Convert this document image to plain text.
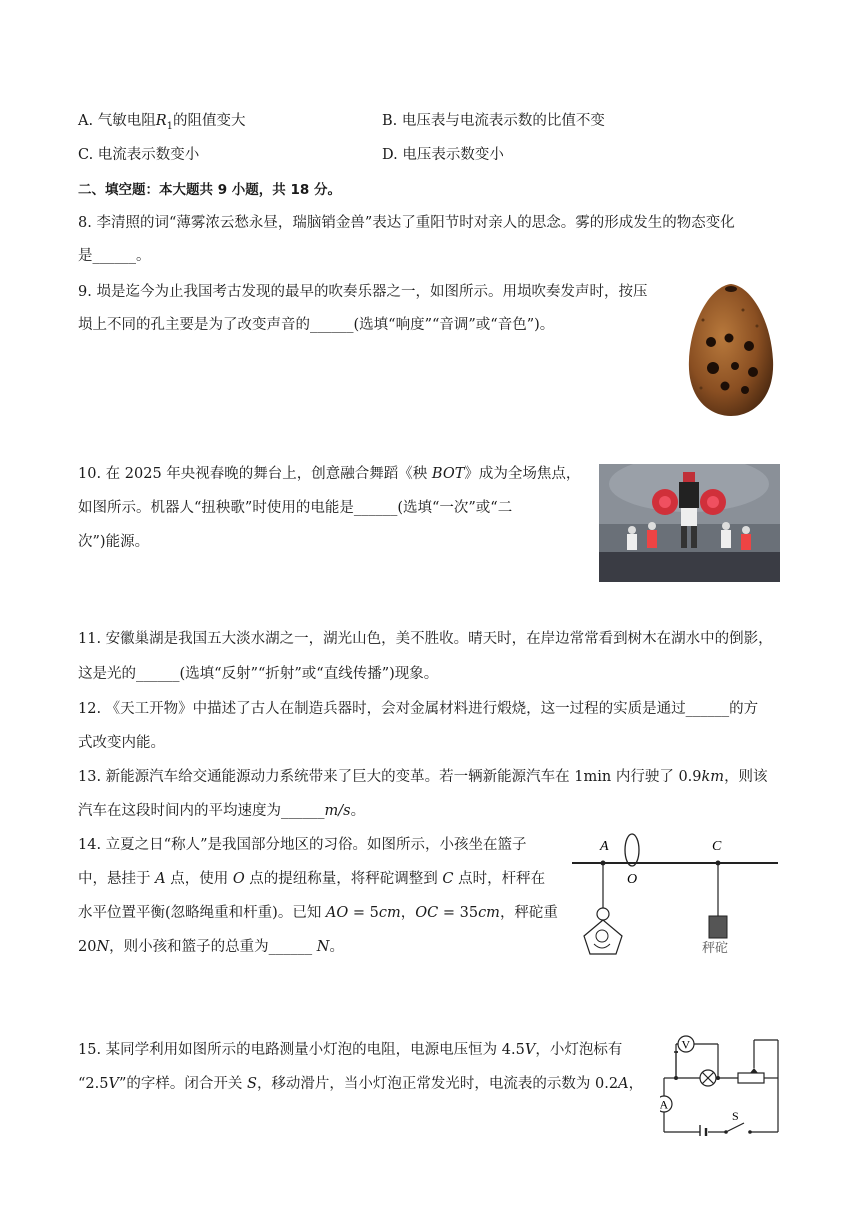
A. 气敏电阻$R_1$的阻值变大	B. 电压表与电流表示数的比值不变
C. 电流表示数变小	D. 电压表示数变小
二、填空题：本大题共 9 小题，共 18 分。
8. 李清照的词“薄雾浓云愁永昼，瑞脑销金兽”表达了重阳节时对亲人的思念。雾的形成发生的物态变化
是______。
9. 埙是迄今为止我国考古发现的最早的吹奏乐器之一，如图所示。用埙吹奏发声时，按压
埙上不同的孔主要是为了改变声音的______(选填“响度”“音调”或“音色”)。
10. 在 2025 年央视春晚的舞台上，创意融合舞蹈《秧 BOT》成为全场焦点，
如图所示。机器人“扭秧歌”时使用的电能是______(选填“一次”或“二
次”)能源。
11. 安徽巢湖是我国五大淡水湖之一，湖光山色，美不胜收。晴天时，在岸边常常看到树木在湖水中的倒影，
这是光的______(选填“反射”“折射”或“直线传播”)现象。
12. 《天工开物》中描述了古人在制造兵器时，会对金属材料进行煅烧，这一过程的实质是通过______的方
式改变内能。
13. 新能源汽车给交通能源动力系统带来了巨大的变革。若一辆新能源汽车在 1min 内行驶了 0.9km，则该
汽车在这段时间内的平均速度为______m/s。
14. 立夏之日“称人”是我国部分地区的习俗。如图所示，小孩坐在篮子
中，悬挂于 A 点，使用 O 点的提纽称量，将秤砣调整到 C 点时，杆秤在
水平位置平衡(忽略绳重和杆重)。已知 AO = 5cm，OC = 35cm，秤砣重
20N，则小孩和篮子的总重为______ N。
A
O
C
秤砣
15. 某同学利用如图所示的电路测量小灯泡的电阻，电源电压恒为 4.5V，小灯泡标有
“2.5V”的字样。闭合开关 S，移动滑片，当小灯泡正常发光时，电流表的示数为 0.2A，
V
A
S
